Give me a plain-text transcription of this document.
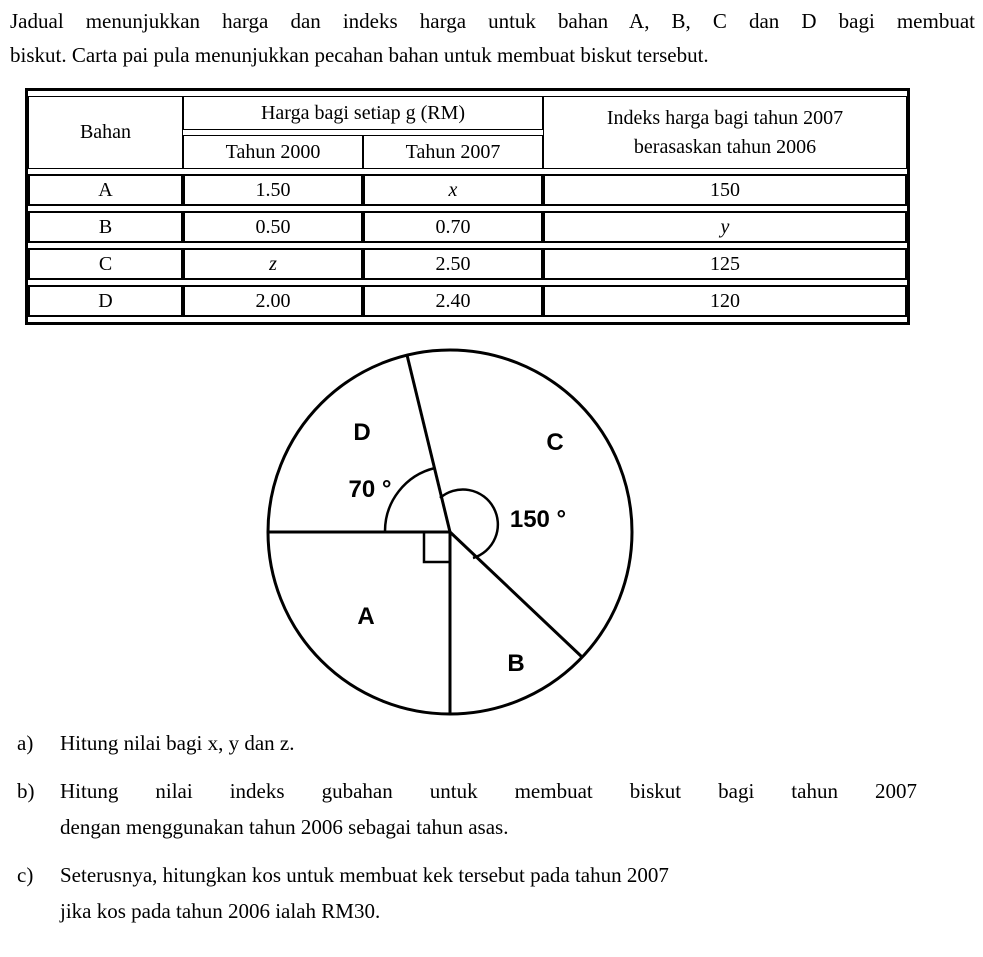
Jadual menunjukkan harga dan indeks harga untuk bahan A, B, C dan D bagi membuat
biskut. Carta pai pula menunjukkan pecahan bahan untuk membuat biskut tersebut.
Bahan	Harga bagi setiap g (RM)		Indeks harga bagi tahun 2007
berasaskan tahun 2006

	Tahun 2000	Tahun 2007	
A	1.50	x	150
B	0.50	0.70	y
C	z	2.50	125
D	2.00	2.40	120
D	C
A
B
70 °
150 °
a) Hitung nilai bagi x, y dan z.
b) Hitung nilai indeks gubahan untuk membuat biskut bagi tahun 2007
dengan menggunakan tahun 2006 sebagai tahun asas.
c) Seterusnya, hitungkan kos untuk membuat kek tersebut pada tahun 2007
jika kos pada tahun 2006 ialah RM30.
